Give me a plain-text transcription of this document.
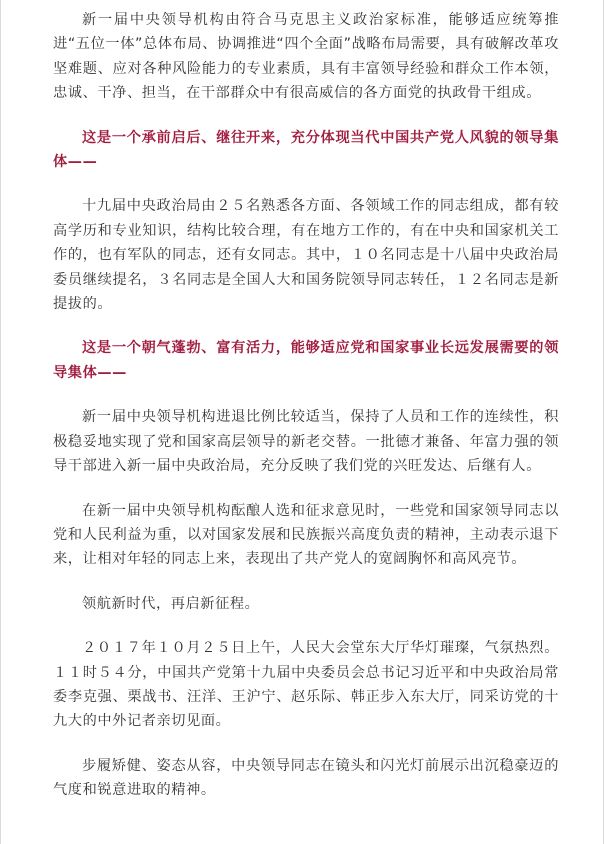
新一届中央领导机构由符合马克思主义政治家标准，能够适应统筹推进“五位一体”总体布局、协调推进“四个全面”战略布局需要，具有破解改革攻坚难题、应对各种风险能力的专业素质，具有丰富领导经验和群众工作本领，忠诚、干净、担当，在干部群众中有很高威信的各方面党的执政骨干组成。

这是一个承前启后、继往开来，充分体现当代中国共产党人风貌的领导集体——

十九届中央政治局由２５名熟悉各方面、各领域工作的同志组成，都有较高学历和专业知识，结构比较合理，有在地方工作的，有在中央和国家机关工作的，也有军队的同志，还有女同志。其中，１０名同志是十八届中央政治局委员继续提名，３名同志是全国人大和国务院领导同志转任，１２名同志是新提拔的。

这是一个朝气蓬勃、富有活力，能够适应党和国家事业长远发展需要的领导集体——

新一届中央领导机构进退比例比较适当，保持了人员和工作的连续性，积极稳妥地实现了党和国家高层领导的新老交替。一批德才兼备、年富力强的领导干部进入新一届中央政治局，充分反映了我们党的兴旺发达、后继有人。

在新一届中央领导机构酝酿人选和征求意见时，一些党和国家领导同志以党和人民利益为重，以对国家发展和民族振兴高度负责的精神，主动表示退下来，让相对年轻的同志上来，表现出了共产党人的宽阔胸怀和高风亮节。

领航新时代，再启新征程。

２０１７年１０月２５日上午，人民大会堂东大厅华灯璀璨，气氛热烈。１１时５４分，中国共产党第十九届中央委员会总书记习近平和中央政治局常委李克强、栗战书、汪洋、王沪宁、赵乐际、韩正步入东大厅，同采访党的十九大的中外记者亲切见面。

步履矫健、姿态从容，中央领导同志在镜头和闪光灯前展示出沉稳豪迈的气度和锐意进取的精神。
